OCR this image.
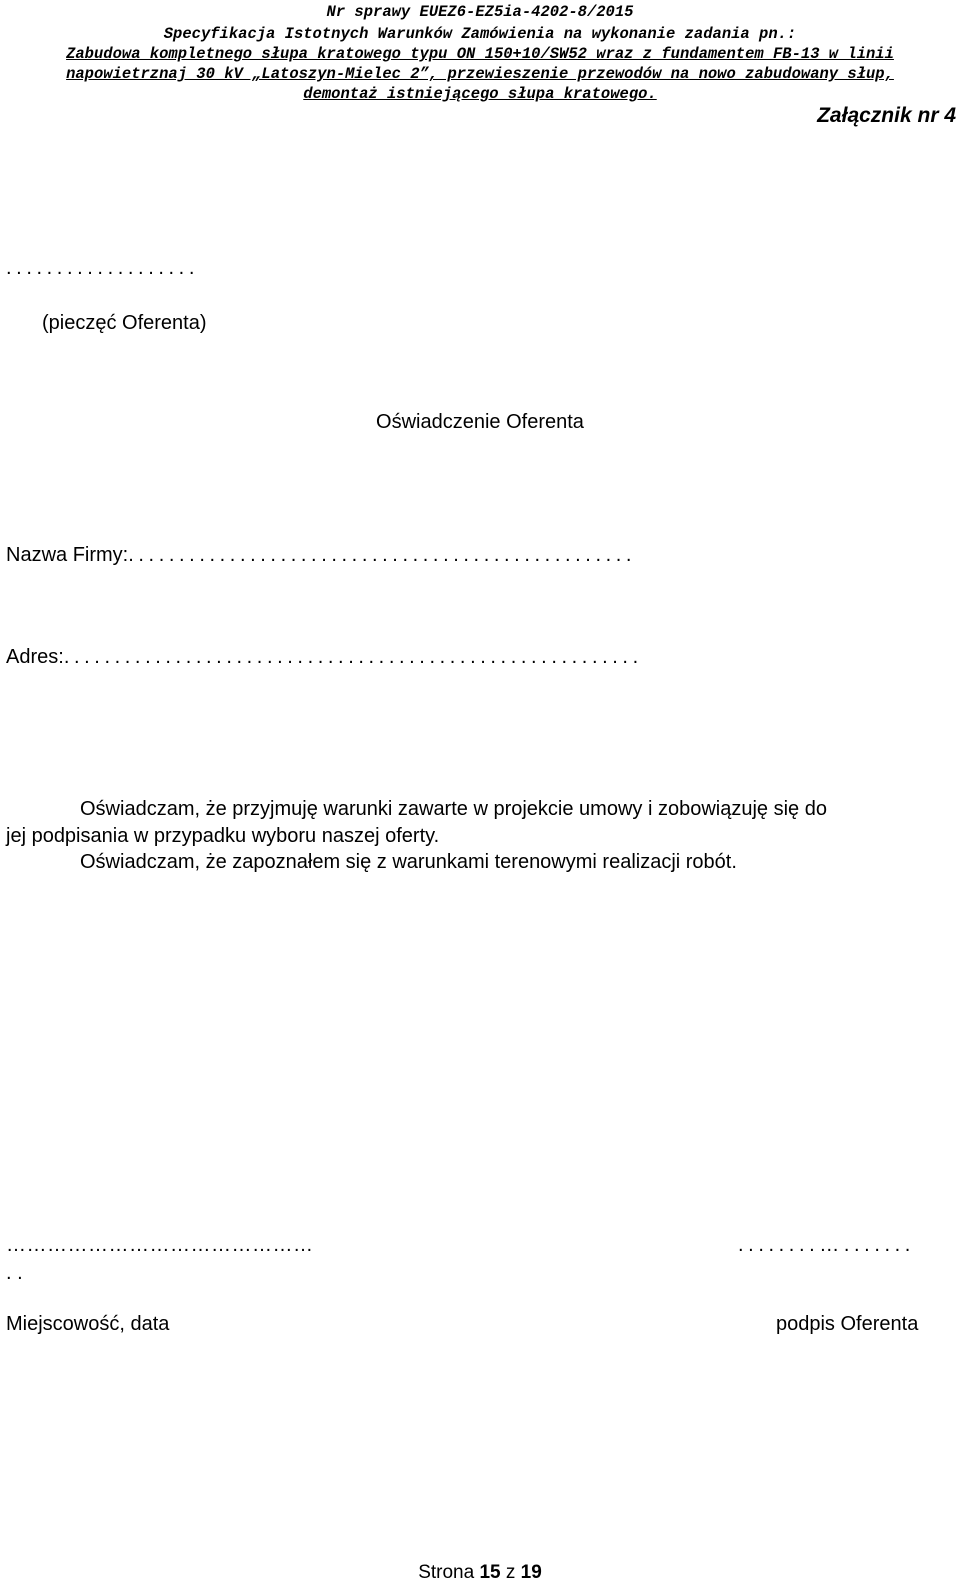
Nr sprawy EUEZ6-EZ5ia-4202-8/2015
Specyfikacja Istotnych Warunków Zamówienia na wykonanie zadania pn.:
Zabudowa kompletnego słupa kratowego typu ON 150+10/SW52 wraz z fundamentem FB-13 w linii
napowietrznaj 30 kV „Latoszyn-Mielec 2”, przewieszenie przewodów na nowo zabudowany słup,
demontaż istniejącego słupa kratowego.
Załącznik nr 4
...................
(pieczęć Oferenta)
Oświadczenie Oferenta
Nazwa Firmy:..................................................
Adres:.........................................................
Oświadczam, że przyjmuję warunki zawarte w projekcie umowy i zobowiązuję się do
jej podpisania w przypadku wyboru naszej oferty.
Oświadczam, że zapoznałem się z warunkami terenowymi realizacji robót.
………………………………………	........….......
. .
Miejscowość, data	podpis Oferenta
Strona 15 z 19
